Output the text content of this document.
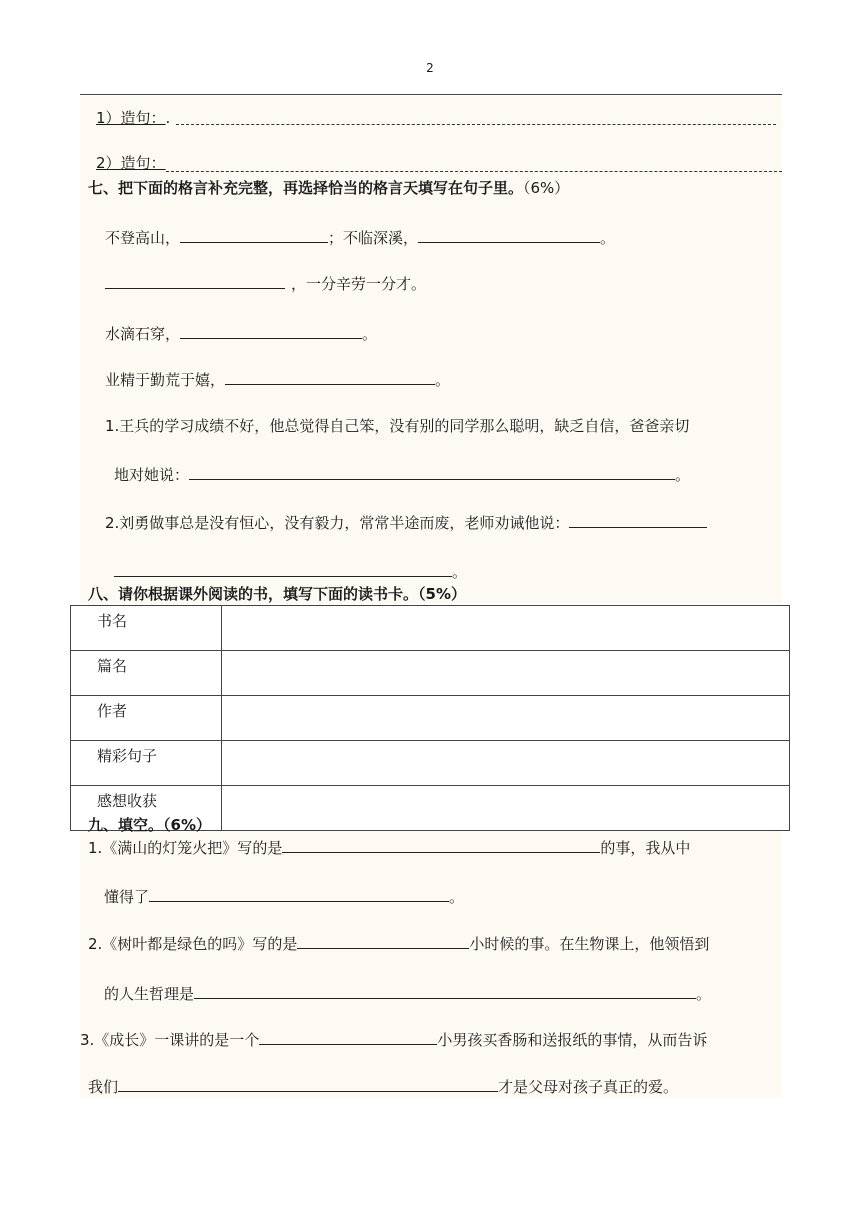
2
1）造句：.
2）造句：
七、把下面的格言补充完整，再选择恰当的格言天填写在句子里。（6%）
不登高山，	；不临深溪，	。
，一分辛劳一分才。
水滴石穿，	。
业精于勤荒于嬉，	。
1.王兵的学习成绩不好，他总觉得自己笨，没有别的同学那么聪明，缺乏自信，爸爸亲切
地对她说：	。
2.刘勇做事总是没有恒心，没有毅力，常常半途而废，老师劝诫他说：
。
八、请你根据课外阅读的书，填写下面的读书卡。（5%）
书名	
篇名	
作者	
精彩句子	
感想收获	
九、填空。（6%）
1.《满山的灯笼火把》写的是	的事，我从中
懂得了	。
2.《树叶都是绿色的吗》写的是	小时候的事。在生物课上，他领悟到
的人生哲理是	。
3.《成长》一课讲的是一个	小男孩买香肠和送报纸的事情，从而告诉
我们	才是父母对孩子真正的爱。
